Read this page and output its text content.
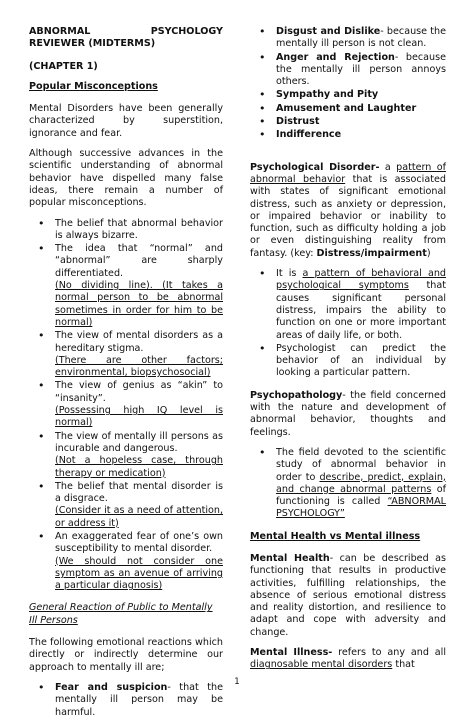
ABNORMAL PSYCHOLOGY REVIEWER (MIDTERMS)

(CHAPTER 1)

Popular Misconceptions

Mental Disorders have been generally characterized by superstition, ignorance and fear.

Although successive advances in the scientific understanding of abnormal behavior have dispelled many false ideas, there remain a number of popular misconceptions.

• The belief that abnormal behavior is always bizarre.
• The idea that “normal” and “abnormal” are sharply differentiated.
(No dividing line). (It takes a normal person to be abnormal sometimes in order for him to be normal)
• The view of mental disorders as a hereditary stigma.
(There are other factors; environmental, biopsychosocial)
• The view of genius as “akin” to “insanity”.
(Possessing high IQ level is normal)
• The view of mentally ill persons as incurable and dangerous.
(Not a hopeless case, through therapy or medication)
• The belief that mental disorder is a disgrace.
(Consider it as a need of attention, or address it)
• An exaggerated fear of one’s own susceptibility to mental disorder.
(We should not consider one symptom as an avenue of arriving a particular diagnosis)

General Reaction of Public to Mentally Ill Persons

The following emotional reactions which directly or indirectly determine our approach to mentally ill are;

• Fear and suspicion- that the mentally ill person may be harmful.
• Disgust and Dislike- because the mentally ill person is not clean.
• Anger and Rejection- because the mentally ill person annoys others.
• Sympathy and Pity
• Amusement and Laughter
• Distrust
• Indifference

Psychological Disorder- a pattern of abnormal behavior that is associated with states of significant emotional distress, such as anxiety or depression, or impaired behavior or inability to function, such as difficulty holding a job or even distinguishing reality from fantasy. (key: Distress/impairment)

• It is a pattern of behavioral and psychological symptoms that causes significant personal distress, impairs the ability to function on one or more important areas of daily life, or both.
• Psychologist can predict the behavior of an individual by looking a particular pattern.

Psychopathology- the field concerned with the nature and development of abnormal behavior, thoughts and feelings.

• The field devoted to the scientific study of abnormal behavior in order to describe, predict, explain, and change abnormal patterns of functioning is called “ABNORMAL PSYCHOLOGY”

Mental Health vs Mental illness

Mental Health- can be described as functioning that results in productive activities, fulfilling relationships, the absence of serious emotional distress and reality distortion, and resilience to adapt and cope with adversity and change.

Mental Illness- refers to any and all diagnosable mental disorders that

1
